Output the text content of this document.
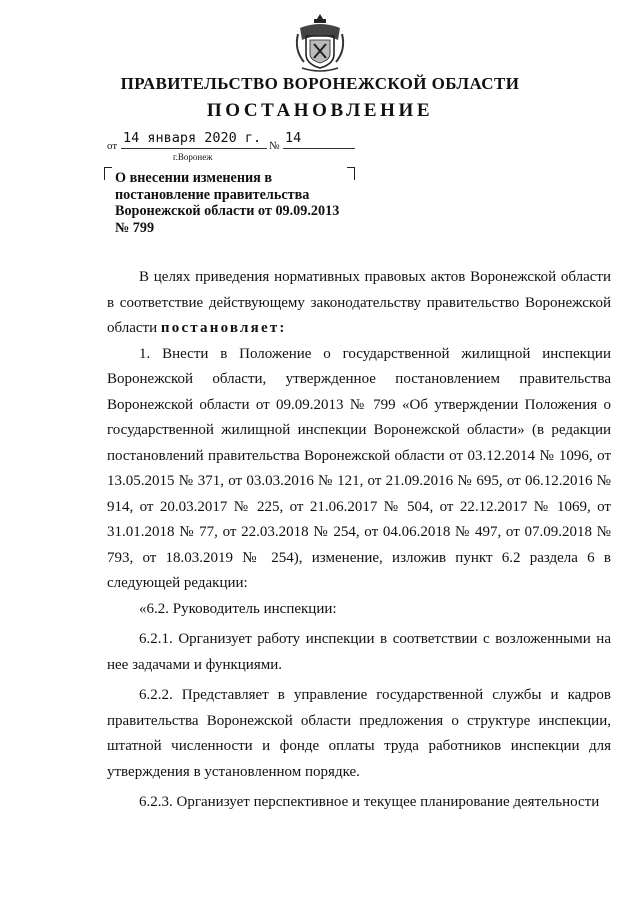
ПРАВИТЕЛЬСТВО ВОРОНЕЖСКОЙ ОБЛАСТИ
ПОСТАНОВЛЕНИЕ
от 14 января 2020 г. № 14
г.Воронеж
О внесении изменения в постановление правительства Воронежской области от 09.09.2013 № 799

В целях приведения нормативных правовых актов Воронежской области в соответствие действующему законодательству правительство Воронежской области постановляет:

1. Внести в Положение о государственной жилищной инспекции Воронежской области, утвержденное постановлением правительства Воронежской области от 09.09.2013 № 799 «Об утверждении Положения о государственной жилищной инспекции Воронежской области» (в редакции постановлений правительства Воронежской области от 03.12.2014 № 1096, от 13.05.2015 № 371, от 03.03.2016 № 121, от 21.09.2016 № 695, от 06.12.2016 № 914, от 20.03.2017 № 225, от 21.06.2017 № 504, от 22.12.2017 № 1069, от 31.01.2018 № 77, от 22.03.2018 № 254, от 04.06.2018 № 497, от 07.09.2018 № 793, от 18.03.2019 № 254), изменение, изложив пункт 6.2 раздела 6 в следующей редакции:

«6.2. Руководитель инспекции:

6.2.1. Организует работу инспекции в соответствии с возложенными на нее задачами и функциями.

6.2.2. Представляет в управление государственной службы и кадров правительства Воронежской области предложения о структуре инспекции, штатной численности и фонде оплаты труда работников инспекции для утверждения в установленном порядке.

6.2.3. Организует перспективное и текущее планирование деятельности
